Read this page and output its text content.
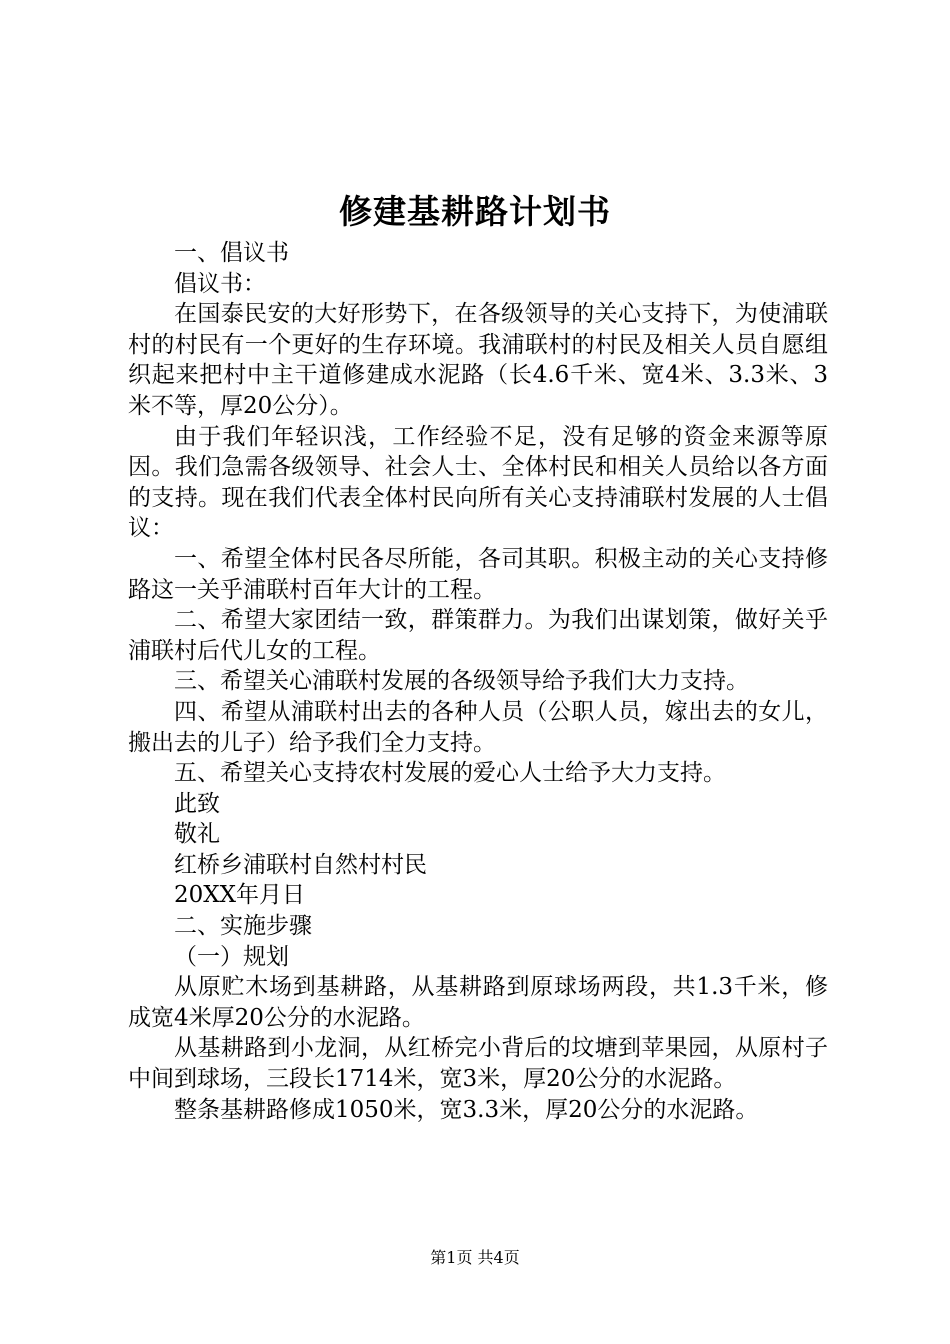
修建基耕路计划书

一、倡议书

倡议书：

在国泰民安的大好形势下，在各级领导的关心支持下，为使浦联村的村民有一个更好的生存环境。我浦联村的村民及相关人员自愿组织起来把村中主干道修建成水泥路（长4.6千米、宽4米、3.3米、3米不等，厚20公分）。

由于我们年轻识浅，工作经验不足，没有足够的资金来源等原因。我们急需各级领导、社会人士、全体村民和相关人员给以各方面的支持。现在我们代表全体村民向所有关心支持浦联村发展的人士倡议：

一、希望全体村民各尽所能，各司其职。积极主动的关心支持修路这一关乎浦联村百年大计的工程。

二、希望大家团结一致，群策群力。为我们出谋划策，做好关乎浦联村后代儿女的工程。

三、希望关心浦联村发展的各级领导给予我们大力支持。

四、希望从浦联村出去的各种人员（公职人员，嫁出去的女儿，搬出去的儿子）给予我们全力支持。

五、希望关心支持农村发展的爱心人士给予大力支持。

此致

敬礼

红桥乡浦联村自然村村民

20XX年月日

二、实施步骤

（一）规划

从原贮木场到基耕路，从基耕路到原球场两段，共1.3千米，修成宽4米厚20公分的水泥路。

从基耕路到小龙洞，从红桥完小背后的坟塘到苹果园，从原村子中间到球场，三段长1714米，宽3米，厚20公分的水泥路。

整条基耕路修成1050米，宽3.3米，厚20公分的水泥路。

第1页 共4页
